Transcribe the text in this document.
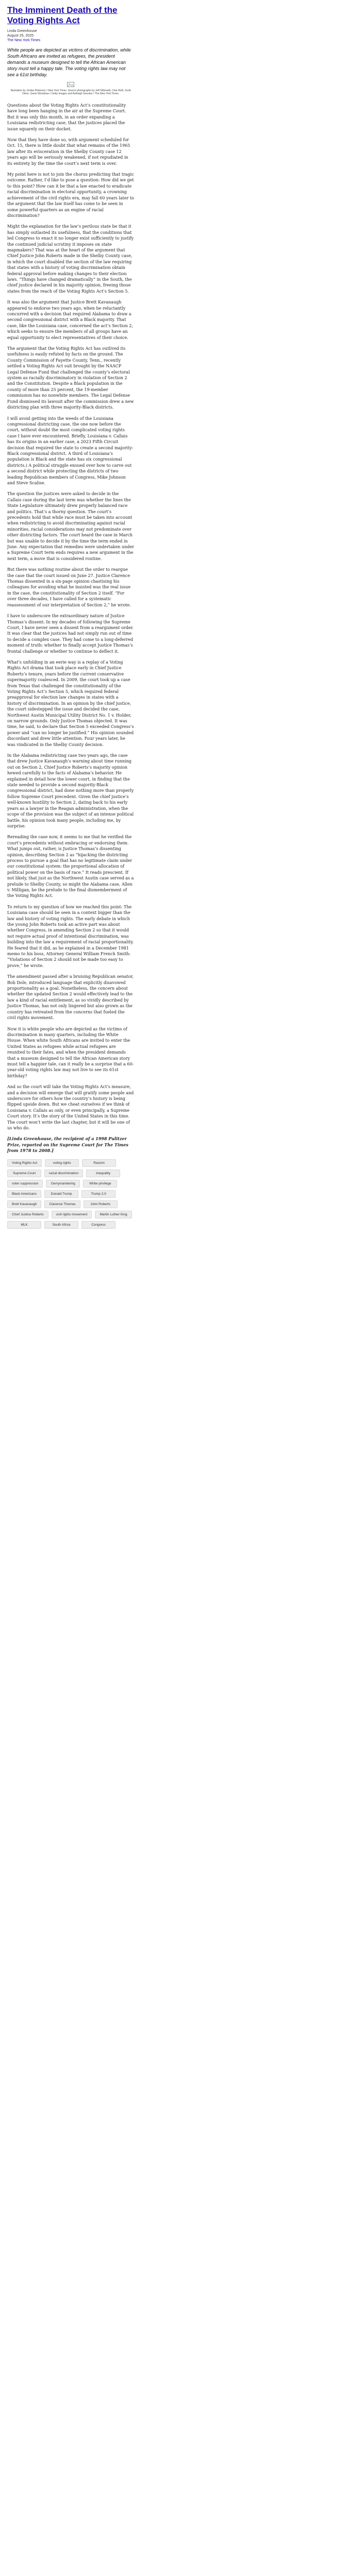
The Imminent Death of the Voting Rights Act
Linda Greenhouse
August 25, 2025
The New York Times
White people are depicted as victims of discrimination, while South Africans are invited as refugees, the president demands a museum designed to tell the African American story must tell a happy tale. The voting rights law may not see a 61st birthday.
Illustration by Jordan Robinson / New York Times. Source photographs by Jeff Gilbreath, Clair Roth, Scott Olson, Gavin Woodman / Getty Images and Ashleigh Snooker / The New York Times.

Questions about the Voting Rights Act’s constitutionality have long been hanging in the air at the Supreme Court. But it was only this month, in an order expanding a Louisiana redistricting case, that the justices placed the issue squarely on their docket.

Now that they have done so, with argument scheduled for Oct. 15, there is little doubt that what remains of the 1965 law after its evisceration in the Shelby County case 12 years ago will be seriously weakened, if not repudiated in its entirety by the time the court’s next term is over.

My point here is not to join the chorus predicting that tragic outcome. Rather, I’d like to pose a question: How did we get to this point? How can it be that a law enacted to eradicate racial discrimination in electoral opportunity, a crowning achievement of the civil rights era, may fall 60 years later to the argument that the law itself has come to be seen in some powerful quarters as an engine of racial discrimination?

Might the explanation for the law’s perilous state be that it has simply outlasted its usefulness, that the conditions that led Congress to enact it no longer exist sufficiently to justify the continued judicial scrutiny it imposes on state mapmakers? That was at the heart of the argument that Chief Justice John Roberts made in the Shelby County case, in which the court disabled the section of the law requiring that states with a history of voting discrimination obtain federal approval before making changes to their election laws. “Things have changed dramatically” in the South, the chief justice declared in his majority opinion, freeing those states from the reach of the Voting Rights Act’s Section 5.

It was also the argument that Justice Brett Kavanaugh appeared to endorse two years ago, when he reluctantly concurred with a decision that required Alabama to draw a second congressional district with a Black majority. That case, like the Louisiana case, concerned the act’s Section 2, which seeks to ensure the members of all groups have an equal opportunity to elect representatives of their choice.

The argument that the Voting Rights Act has outlived its usefulness is easily refuted by facts on the ground. The County Commission of Fayette County, Tenn., recently settled a Voting Rights Act suit brought by the NAACP Legal Defense Fund that challenged the county’s electoral system as racially discriminatory in violation of Section 2 and the Constitution. Despite a Black population in the county of more than 25 percent, the 19-member commission has no nonwhite members. The Legal Defense Fund dismissed its lawsuit after the commission drew a new districting plan with three majority-Black districts.

I will avoid getting into the weeds of the Louisiana congressional districting case, the one now before the court, without doubt the most complicated voting rights case I have ever encountered. Briefly, Louisiana v. Callais has its origins in an earlier case, a 2023 Fifth Circuit decision that required the state to create a second majority-Black congressional district. A third of Louisiana’s population is Black and the state has six congressional districts.) A political struggle ensued over how to carve out a second district while protecting the districts of two leading Republican members of Congress, Mike Johnson and Steve Scalise.

The question the justices were asked to decide in the Callais case during the last term was whether the lines the State Legislature ultimately drew properly balanced race and politics. That’s a thorny question. The court’s precedents hold that while race must be taken into account when redistricting to avoid discriminating against racial minorities, racial considerations may not predominate over other districting factors. The court heard the case in March but was unable to decide it by the time the term ended in June. Any expectation that remedies were undertaken under a Supreme Court term ends requires a new argument in the next term, a move that is considered routine.

But there was nothing routine about the order to reargue the case that the court issued on June 27. Justice Clarence Thomas dissented in a six-page opinion chastising his colleagues for avoiding what he insisted was the real issue in the case, the constitutionality of Section 2 itself. “For over three decades, I have called for a systematic reassessment of our interpretation of Section 2,” he wrote.

I have to underscore the extraordinary nature of Justice Thomas’s dissent: In my decades of following the Supreme Court, I have never seen a dissent from a reargument order. It was clear that the justices had not simply run out of time to decide a complex case. They had come to a long-deferred moment of truth: whether to finally accept Justice Thomas’s frontal challenge or whether to continue to deflect it.

What’s unfolding in an eerie way is a replay of a Voting Rights Act drama that took place early in Chief Justice Roberts’s tenure, years before the current conservative supermajority coalesced. In 2009, the court took up a case from Texas that challenged the constitutionality of the Voting Rights Act’s Section 5, which required federal preapproval for election law changes in states with a history of discrimination. In an opinion by the chief justice, the court sidestepped the issue and decided the case, Northwest Austin Municipal Utility District No. 1 v. Holder, on narrow grounds. Only Justice Thomas objected. It was time, he said, to declare that Section 5 exceeded Congress’s power and “can no longer be justified.” His opinion sounded discordant and drew little attention. Four years later, he was vindicated in the Shelby County decision.

In the Alabama redistricting case two years ago, the case that drew Justice Kavanaugh’s warning about time running out on Section 2, Chief Justice Roberts’s majority opinion hewed carefully to the facts of Alabama’s behavior. He explained in detail how the lower court, in finding that the state needed to provide a second majority-Black congressional district, had done nothing more than properly follow Supreme Court precedent. Given the chief justice’s well-known hostility to Section 2, dating back to his early years as a lawyer in the Reagan administration, when the scope of the provision was the subject of an intense political battle, his opinion took many people, including me, by surprise.

Rereading the case now, it seems to me that he verified the court’s precedents without embracing or endorsing them. What jumps out, rather, is Justice Thomas’s dissenting opinion, describing Section 2 as “hijacking the districting process to pursue a goal that has no legitimate claim under our constitutional system: the proportional allocation of political power on the basis of race.” It reads prescient. If not likely, that just as the Northwest Austin case served as a prelude to Shelby County, so might the Alabama case, Allen v. Milligan, be the prelude to the final dismemberment of the Voting Rights Act.

To return to my question of how we reached this point: The Louisiana case should be seen in a context bigger than the law and history of voting rights. The early debate in which the young John Roberts took an active part was about whether Congress, in amending Section 2 so that it would not require actual proof of intentional discrimination, was building into the law a requirement of racial proportionality. He feared that it did, as he explained in a December 1981 memo to his boss, Attorney General William French Smith: “Violations of Section 2 should not be made too easy to prove,” he wrote.

The amendment passed after a bruising Republican senator, Bob Dole, introduced language that explicitly disavowed proportionality as a goal. Nonetheless, the concern about whether the updated Section 2 would effectively lead to the law a kind of racial entitlement, as so vividly described by Justice Thomas, has not only lingered but also grown as the country has retreated from the concerns that fueled the civil rights movement.

Now it is white people who are depicted as the victims of discrimination in many quarters, including the White House. When white South Africans are invited to enter the United States as refugees while actual refugees are reunited to their fates, and when the president demands that a museum designed to tell the African American story must tell a happier tale, can it really be a surprise that a 60-year-old voting rights law may not live to see its 61st birthday?

And so the court will take the Voting Rights Act’s measure, and a decision will emerge that will gratify some people and underscore for others how the country’s history is being flipped upside down. But we cheat ourselves if we think of Louisiana v. Callais as only, or even principally, a Supreme Court story. It’s the story of the United States in this time. The court won’t write the last chapter, but it will be one of us who do.

[Linda Greenhouse, the recipient of a 1998 Pulitzer Prize, reported on the Supreme Court for The Times from 1978 to 2008.]

Voting Rights Act	voting rights	Racism
Supreme Court	racial discrimination	Inequality
voter suppression	Gerrymandering	White privilege
Black Americans	Donald Trump	Trump 2.0
Brett Kavanaugh	Clarence Thomas	John Roberts
Chief Justice Roberts	civil rights movement	Martin Luther King
MLK	South Africa	Congress
